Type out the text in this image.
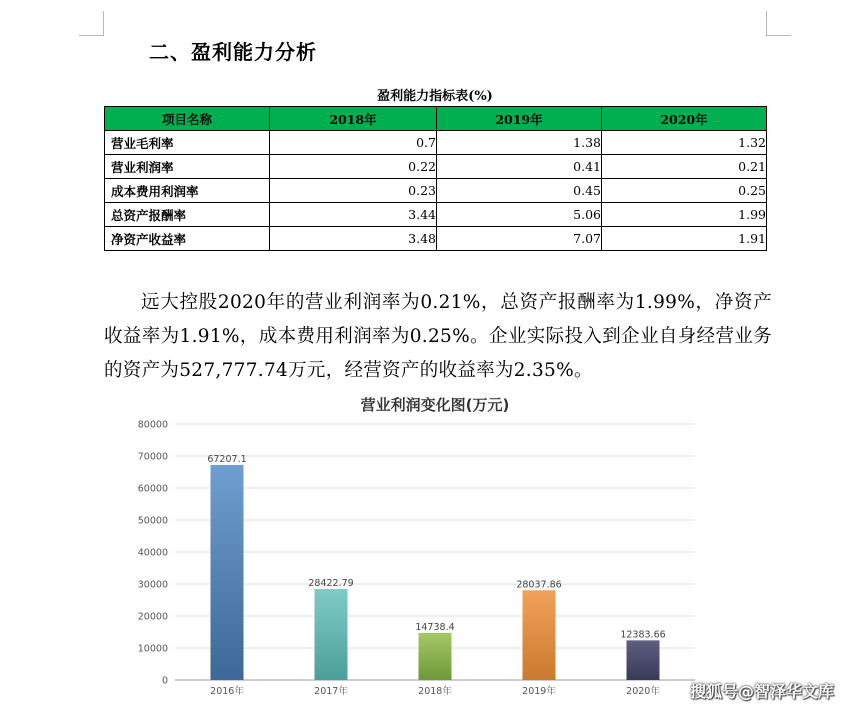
二、盈利能力分析
盈利能力指标表(%)
项目名称	2018年	2019年	2020年
营业毛利率	0.7	1.38	1.32
营业利润率	0.22	0.41	0.21
成本费用利润率	0.23	0.45	0.25
总资产报酬率	3.44	5.06	1.99
净资产收益率	3.48	7.07	1.91

远大控股2020年的营业利润率为0.21%，总资产报酬率为1.99%，净资产收益率为1.91%，成本费用利润率为0.25%。企业实际投入到企业自身经营业务的资产为527,777.74万元，经营资产的收益率为2.35%。

营业利润变化图(万元)
0
10000
20000
30000
40000
50000
60000
70000
80000
67207.1
2016年
28422.79
2017年
14738.4
2018年
28037.86
2019年
12383.66
2020年 搜狐号@智泽华文库
